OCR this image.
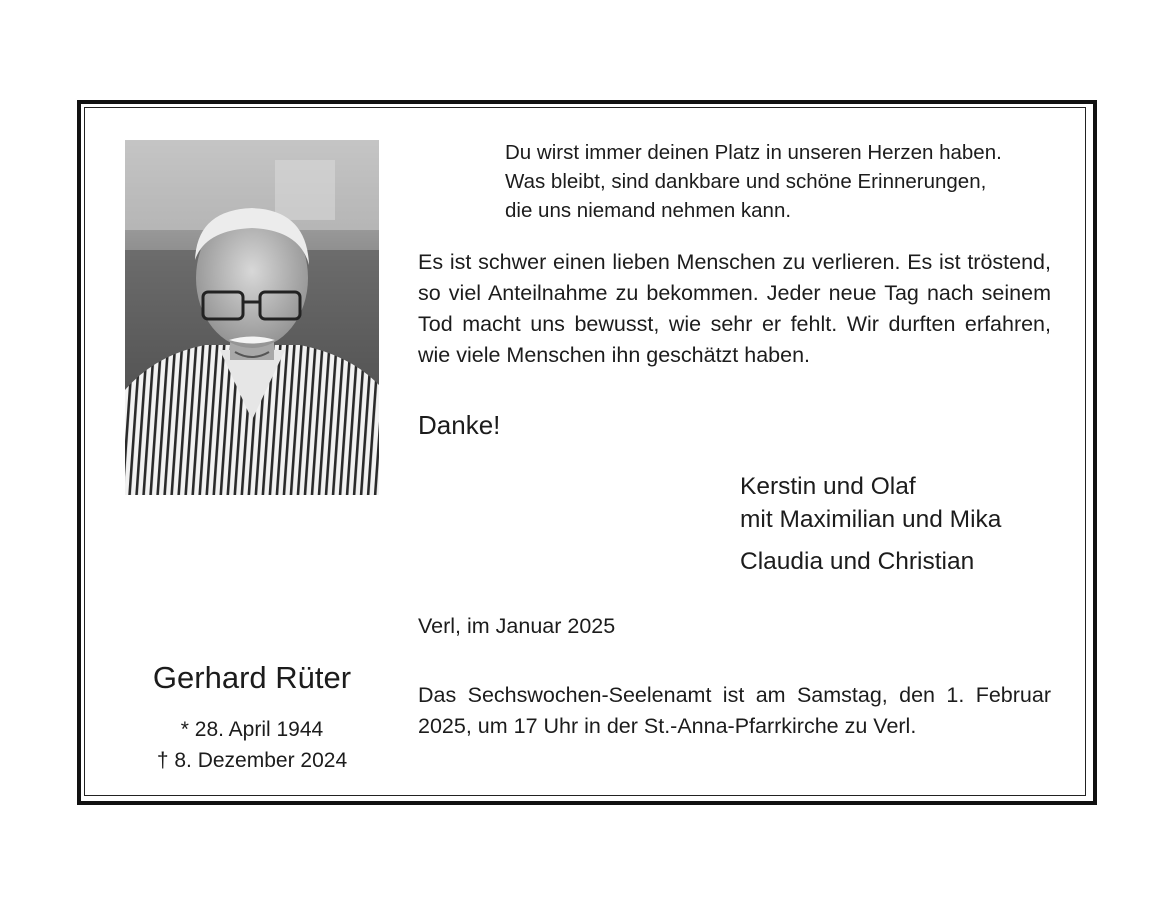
Du wirst immer deinen Platz in unseren Herzen haben.
Was bleibt, sind dankbare und schöne Erinnerungen,
die uns niemand nehmen kann.
Es ist schwer einen lieben Menschen zu verlieren. Es ist tröstend, so viel Anteilnahme zu bekommen. Jeder neue Tag nach seinem Tod macht uns bewusst, wie sehr er fehlt. Wir durften erfahren, wie viele Menschen ihn geschätzt haben.
Danke!
Kerstin und Olaf
mit Maximilian und Mika
Claudia und Christian
Verl, im Januar 2025
Gerhard Rüter
* 28. April 1944
† 8. Dezember 2024
Das Sechswochen-Seelenamt ist am Samstag, den 1. Februar 2025, um 17 Uhr in der St.-Anna-Pfarrkirche zu Verl.
